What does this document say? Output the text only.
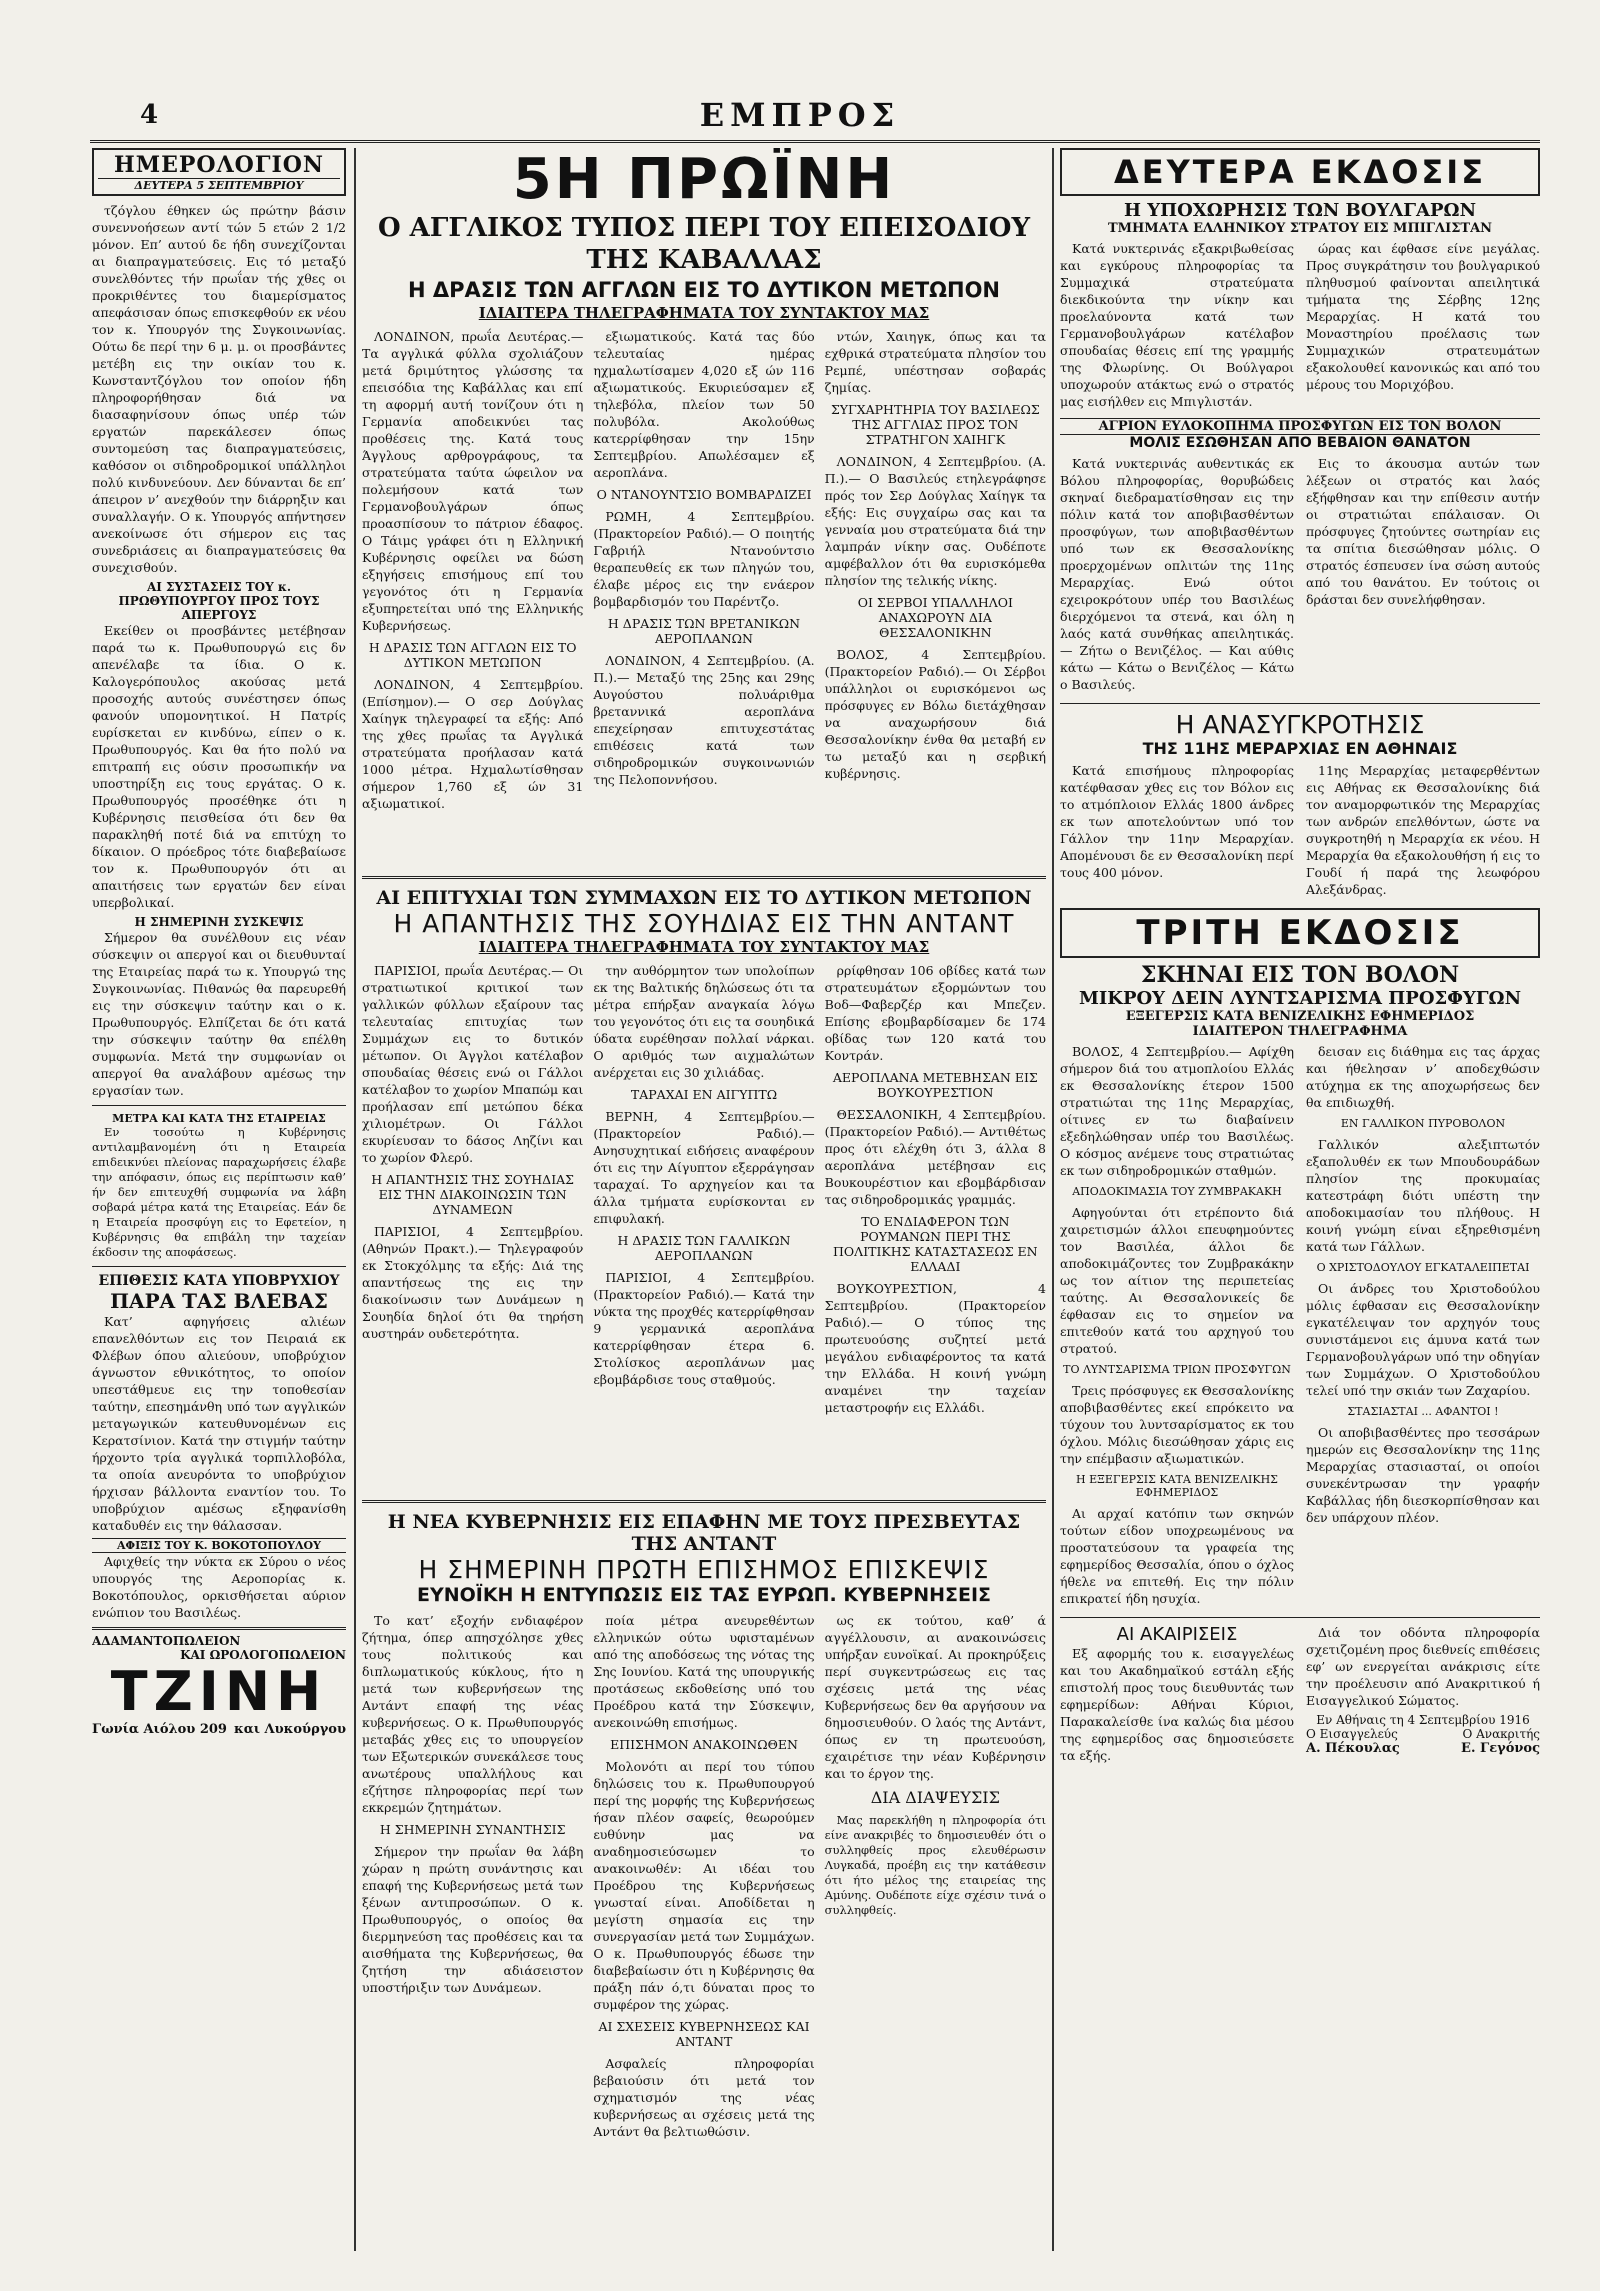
4	ΕΜΠΡΟΣ
ΗΜΕΡΟΛΟΓΙΟΝ
ΔΕΥΤΕΡΑ 5 ΣΕΠΤΕΜΒΡΙΟΥ

τζόγλου έθηκεν ώς πρώτην βάσιν συνεννοήσεων αντί τών 5 ετών 2 1/2 μόνον. Επ’ αυτού δε ήδη συνεχίζονται αι διαπραγματεύσεις. Εις τό μεταξύ συνελθόντες τήν πρωΐαν τής χθες οι προκριθέντες του διαμερίσματος απεφάσισαν όπως επισκεφθούν εκ νέου τον κ. Υπουργόν της Συγκοινωνίας. Ούτω δε περί την 6 μ. μ. οι προσβάντες μετέβη εις την οικίαν του κ. Κωνσταντζόγλου τον οποίον ήδη πληροφορήθησαν διά να διασαφηνίσουν όπως υπέρ τών εργατών παρεκάλεσεν όπως συντομεύση τας διαπραγματεύσεις, καθόσον οι σιδηροδρομικοί υπάλληλοι πολύ κινδυνεύουν. Δεν δύνανται δε επ’ άπειρον ν’ ανεχθούν την διάρρηξιν και συναλλαγήν. Ο κ. Υπουργός απήντησεν ανεκοίνωσε ότι σήμερον εις τας συνεδριάσεις αι διαπραγματεύσεις θα συνεχισθούν.

ΑΙ ΣΥΣΤΑΣΕΙΣ ΤΟΥ κ. ΠΡΩΘΥΠΟΥΡΓΟΥ ΠΡΟΣ ΤΟΥΣ ΑΠΕΡΓΟΥΣ

Εκείθεν οι προσβάντες μετέβησαν παρά τω κ. Πρωθυπουργώ εις δν απενέλαβε τα ίδια. Ο κ. Καλογερόπουλος ακούσας μετά προσοχής αυτούς συνέστησεν όπως φανούν υπομονητικοί. Η Πατρίς ευρίσκεται εν κινδύνω, είπεν ο κ. Πρωθυπουργός. Και θα ήτο πολύ να επιτραπή εις ούσιν προσωπικήν να υποστηρίξη εις τους εργάτας. Ο κ. Πρωθυπουργός προσέθηκε ότι η Κυβέρνησις πεισθείσα ότι δεν θα παρακληθή ποτέ διά να επιτύχη το δίκαιον. Ο πρόεδρος τότε διαβεβαίωσε τον κ. Πρωθυπουργόν ότι αι απαιτήσεις των εργατών δεν είναι υπερβολικαί.

Η ΣΗΜΕΡΙΝΗ ΣΥΣΚΕΨΙΣ

Σήμερον θα συνέλθουν εις νέαν σύσκεψιν οι απεργοί και οι διευθυνταί της Εταιρείας παρά τω κ. Υπουργώ της Συγκοινωνίας. Πιθανώς θα παρευρεθή εις την σύσκεψιν ταύτην και ο κ. Πρωθυπουργός. Ελπίζεται δε ότι κατά την σύσκεψιν ταύτην θα επέλθη συμφωνία. Μετά την συμφωνίαν οι απεργοί θα αναλάβουν αμέσως την εργασίαν των.

ΜΕΤΡΑ ΚΑΙ ΚΑΤΑ ΤΗΣ ΕΤΑΙΡΕΙΑΣ

Εν τοσούτω η Κυβέρνησις αντιλαμβανομένη ότι η Εταιρεία επιδεικνύει πλείονας παραχωρήσεις έλαβε την απόφασιν, όπως εις περίπτωσιν καθ’ ήν δεν επιτευχθή συμφωνία να λάβη σοβαρά μέτρα κατά της Εταιρείας. Εάν δε η Εταιρεία προσφύγη εις το Εφετείον, η Κυβέρνησις θα επιβάλη την ταχείαν έκδοσιν της αποφάσεως.

ΕΠΙΘΕΣΙΣ ΚΑΤΑ ΥΠΟΒΡΥΧΙΟΥ
ΠΑΡΑ ΤΑΣ ΒΛΕΒΑΣ

Κατ’ αφηγήσεις αλιέων επανελθόντων εις τον Πειραιά εκ Φλέβων όπου αλιεύουν, υποβρύχιον άγνωστον εθνικότητος, το οποίον υπεστάθμευε εις την τοποθεσίαν ταύτην, επεσημάνθη υπό των αγγλικών μεταγωγικών κατευθυνομένων εις Κερατσίνιον. Κατά την στιγμήν ταύτην ήρχοντο τρία αγγλικά τορπιλλοβόλα, τα οποία ανευρόντα το υποβρύχιον ήρχισαν βάλλοντα εναντίον του. Το υποβρύχιον αμέσως εξηφανίσθη καταδυθέν εις την θάλασσαν.

ΑΦΙΞΙΣ ΤΟΥ Κ. ΒΟΚΟΤΟΠΟΥΛΟΥ

Αφιχθείς την νύκτα εκ Σύρου ο νέος υπουργός της Αεροπορίας κ. Βοκοτόπουλος, ορκισθήσεται αύριον ενώπιον του Βασιλέως.

ΑΔΑΜΑΝΤΟΠΩΛΕΙΟΝ
ΚΑΙ ΩΡΟΛΟΓΟΠΩΛΕΙΟΝ
ΤΖΙΝΗ
Γωνία Αιόλου 209 και Λυκούργου
5Η ΠΡΩΪΝΗ
Ο ΑΓΓΛΙΚΟΣ ΤΥΠΟΣ ΠΕΡΙ ΤΟΥ ΕΠΕΙΣΟΔΙΟΥ ΤΗΣ ΚΑΒΑΛΛΑΣ
Η ΔΡΑΣΙΣ ΤΩΝ ΑΓΓΛΩΝ ΕΙΣ ΤΟ ΔΥΤΙΚΟΝ ΜΕΤΩΠΟΝ
ΙΔΙΑΙΤΕΡΑ ΤΗΛΕΓΡΑΦΗΜΑΤΑ ΤΟΥ ΣΥΝΤΑΚΤΟΥ ΜΑΣ

ΛΟΝΔΙΝΟΝ, πρωΐα Δευτέρας.— Τα αγγλικά φύλλα σχολιάζουν μετά δριμύτητος γλώσσης τα επεισόδια της Καβάλλας και επί τη αφορμή αυτή τονίζουν ότι η Γερμανία αποδεικνύει τας προθέσεις της. Κατά τους Άγγλους αρθρογράφους, τα στρατεύματα ταύτα ώφειλον να πολεμήσουν κατά των Γερμανοβουλγάρων όπως προασπίσουν το πάτριον έδαφος. Ο Τάιμς γράφει ότι η Ελληνική Κυβέρνησις οφείλει να δώση εξηγήσεις επισήμους επί του γεγονότος ότι η Γερμανία εξυπηρετείται υπό της Ελληνικής Κυβερνήσεως.

Η ΔΡΑΣΙΣ ΤΩΝ ΑΓΓΛΩΝ ΕΙΣ ΤΟ ΔΥΤΙΚΟΝ ΜΕΤΩΠΟΝ

ΛΟΝΔΙΝΟΝ, 4 Σεπτεμβρίου. (Επίσημον).— Ο σερ Δούγλας Χαίηγκ τηλεγραφεί τα εξής: Από της χθες πρωΐας τα Αγγλικά στρατεύματα προήλασαν κατά 1000 μέτρα. Ηχμαλωτίσθησαν σήμερον 1,760 εξ ών 31 αξιωματικοί.

εξιωματικούς. Κατά τας δύο τελευταίας ημέρας ηχμαλωτίσαμεν 4,020 εξ ών 116 αξιωματικούς. Εκυριεύσαμεν εξ τηλεβόλα, πλείον των 50 πολυβόλα. Ακολούθως κατερρίφθησαν την 15ην Σεπτεμβρίου. Απωλέσαμεν εξ αεροπλάνα.

Ο ΝΤΑΝΟΥΝΤΣΙΟ ΒΟΜΒΑΡΔΙΖΕΙ

ΡΩΜΗ, 4 Σεπτεμβρίου. (Πρακτορείον Ραδιό).— Ο ποιητής Γαβριήλ Ντανούντσιο θεραπευθείς εκ των πληγών του, έλαβε μέρος εις την ενάερον βομβαρδισμόν του Παρέντζο.

Η ΔΡΑΣΙΣ ΤΩΝ ΒΡΕΤΑΝΙΚΩΝ ΑΕΡΟΠΛΑΝΩΝ

ΛΟΝΔΙΝΟΝ, 4 Σεπτεμβρίου. (Α. Π.).— Μεταξύ της 25ης και 29ης Αυγούστου πολυάριθμα βρεταννικά αεροπλάνα επεχείρησαν επιτυχεστάτας επιθέσεις κατά των σιδηροδρομικών συγκοινωνιών της Πελοποννήσου.

ντών, Χαιηγκ, όπως και τα εχθρικά στρατεύματα πλησίον του Ρεμπέ, υπέστησαν σοβαράς ζημίας.

ΣΥΓΧΑΡΗΤΗΡΙΑ ΤΟΥ ΒΑΣΙΛΕΩΣ ΤΗΣ ΑΓΓΛΙΑΣ ΠΡΟΣ ΤΟΝ ΣΤΡΑΤΗΓΟΝ ΧΑΙΗΓΚ

ΛΟΝΔΙΝΟΝ, 4 Σεπτεμβρίου. (Α. Π.).— Ο Βασιλεύς ετηλεγράφησε πρός τον Σερ Δούγλας Χαίηγκ τα εξής: Εις συγχαίρω σας και τα γενναία μου στρατεύματα διά την λαμπράν νίκην σας. Ουδέποτε αμφέβαλλον ότι θα ευρισκόμεθα πλησίον της τελικής νίκης.

ΟΙ ΣΕΡΒΟΙ ΥΠΑΛΛΗΛΟΙ ΑΝΑΧΩΡΟΥΝ ΔΙΑ ΘΕΣΣΑΛΟΝΙΚΗΝ

ΒΟΛΟΣ, 4 Σεπτεμβρίου. (Πρακτορείον Ραδιό).— Οι Σέρβοι υπάλληλοι οι ευρισκόμενοι ως πρόσφυγες εν Βόλω διετάχθησαν να αναχωρήσουν διά Θεσσαλονίκην ένθα θα μεταβή εν τω μεταξύ και η σερβική κυβέρνησις.

ΑΙ ΕΠΙΤΥΧΙΑΙ ΤΩΝ ΣΥΜΜΑΧΩΝ ΕΙΣ ΤΟ ΔΥΤΙΚΟΝ ΜΕΤΩΠΟΝ
Η ΑΠΑΝΤΗΣΙΣ ΤΗΣ ΣΟΥΗΔΙΑΣ ΕΙΣ ΤΗΝ ΑΝΤΑΝΤ
ΙΔΙΑΙΤΕΡΑ ΤΗΛΕΓΡΑΦΗΜΑΤΑ ΤΟΥ ΣΥΝΤΑΚΤΟΥ ΜΑΣ

ΠΑΡΙΣΙΟΙ, πρωΐα Δευτέρας.— Οι στρατιωτικοί κριτικοί των γαλλικών φύλλων εξαίρουν τας τελευταίας επιτυχίας των Συμμάχων εις το δυτικόν μέτωπον. Οι Άγγλοι κατέλαβον σπουδαίας θέσεις ενώ οι Γάλλοι κατέλαβον το χωρίον Μπαπώμ και προήλασαν επί μετώπου δέκα χιλιομέτρων. Οι Γάλλοι εκυρίευσαν το δάσος Ληζίνι και το χωρίον Φλερύ.

Η ΑΠΑΝΤΗΣΙΣ ΤΗΣ ΣΟΥΗΔΙΑΣ ΕΙΣ ΤΗΝ ΔΙΑΚΟΙΝΩΣΙΝ ΤΩΝ ΔΥΝΑΜΕΩΝ

ΠΑΡΙΣΙΟΙ, 4 Σεπτεμβρίου. (Αθηνών Πρακτ.).— Τηλεγραφούν εκ Στοκχόλμης τα εξής: Διά της απαντήσεως της εις την διακοίνωσιν των Δυνάμεων η Σουηδία δηλοί ότι θα τηρήση αυστηράν ουδετερότητα.

την αυθόρμητον των υπολοίπων εκ της Βαλτικής δηλώσεως ότι τα μέτρα επήρξαν αναγκαία λόγω του γεγονότος ότι εις τα σουηδικά ύδατα ευρέθησαν πολλαί νάρκαι. Ο αριθμός των αιχμαλώτων ανέρχεται εις 30 χιλιάδας.

ΤΑΡΑΧΑΙ ΕΝ ΑΙΓΥΠΤΩ

ΒΕΡΝΗ, 4 Σεπτεμβρίου.— (Πρακτορείον Ραδιό).— Ανησυχητικαί ειδήσεις αναφέρουν ότι εις την Αίγυπτον εξερράγησαν ταραχαί. Το αρχηγείον και τα άλλα τμήματα ευρίσκονται εν επιφυλακή.

Η ΔΡΑΣΙΣ ΤΩΝ ΓΑΛΛΙΚΩΝ ΑΕΡΟΠΛΑΝΩΝ

ΠΑΡΙΣΙΟΙ, 4 Σεπτεμβρίου. (Πρακτορείον Ραδιό).— Κατά την νύκτα της προχθές κατερρίφθησαν 9 γερμανικά αεροπλάνα κατερρίφθησαν έτερα 6. Στολίσκος αεροπλάνων μας εβομβάρδισε τους σταθμούς.

ρρίφθησαν 106 οβίδες κατά των στρατευμάτων εξορμώντων του Βοδ—Φαβερζέρ και Μπεζεν. Επίσης εβομβαρδίσαμεν δε 174 οβίδας των 120 κατά του Κοντράν.

ΑΕΡΟΠΛΑΝΑ ΜΕΤΕΒΗΣΑΝ ΕΙΣ ΒΟΥΚΟΥΡΕΣΤΙΟΝ

ΘΕΣΣΑΛΟΝΙΚΗ, 4 Σεπτεμβρίου. (Πρακτορείον Ραδιό).— Αντιθέτως προς ότι ελέχθη ότι 3, άλλα 8 αεροπλάνα μετέβησαν εις Βουκουρέστιον και εβομβάρδισαν τας σιδηροδρομικάς γραμμάς.

ΤΟ ΕΝΔΙΑΦΕΡΟΝ ΤΩΝ ΡΟΥΜΑΝΩΝ ΠΕΡΙ ΤΗΣ ΠΟΛΙΤΙΚΗΣ ΚΑΤΑΣΤΑΣΕΩΣ ΕΝ ΕΛΛΑΔΙ

ΒΟΥΚΟΥΡΕΣΤΙΟΝ, 4 Σεπτεμβρίου. (Πρακτορείον Ραδιό).— Ο τύπος της πρωτευούσης συζητεί μετά μεγάλου ενδιαφέροντος τα κατά την Ελλάδα. Η κοινή γνώμη αναμένει την ταχείαν μεταστροφήν εις Ελλάδι.

Η ΝΕΑ ΚΥΒΕΡΝΗΣΙΣ ΕΙΣ ΕΠΑΦΗΝ ΜΕ ΤΟΥΣ ΠΡΕΣΒΕΥΤΑΣ ΤΗΣ ΑΝΤΑΝΤ
Η ΣΗΜΕΡΙΝΗ ΠΡΩΤΗ ΕΠΙΣΗΜΟΣ ΕΠΙΣΚΕΨΙΣ
ΕΥΝΟΪΚΗ Η ΕΝΤΥΠΩΣΙΣ ΕΙΣ ΤΑΣ ΕΥΡΩΠ. ΚΥΒΕΡΝΗΣΕΙΣ

Το κατ’ εξοχήν ενδιαφέρον ζήτημα, όπερ απησχόλησε χθες τους πολιτικούς και διπλωματικούς κύκλους, ήτο η μετά των κυβερνήσεων της Αντάντ επαφή της νέας κυβερνήσεως. Ο κ. Πρωθυπουργός μεταβάς χθες εις το υπουργείον των Εξωτερικών συνεκάλεσε τους ανωτέρους υπαλλήλους και εζήτησε πληροφορίας περί των εκκρεμών ζητημάτων.

Η ΣΗΜΕΡΙΝΗ ΣΥΝΑΝΤΗΣΙΣ

Σήμερον την πρωΐαν θα λάβη χώραν η πρώτη συνάντησις και επαφή της Κυβερνήσεως μετά των ξένων αντιπροσώπων. Ο κ. Πρωθυπουργός, ο οποίος θα διερμηνεύση τας προθέσεις και τα αισθήματα της Κυβερνήσεως, θα ζητήση την αδιάσειστον υποστήριξιν των Δυνάμεων.

ποία μέτρα ανευρεθέντων ελληνικών ούτω υφισταμένων από της αποδόσεως της νότας της Σης Ιουνίου. Κατά της υπουργικής προτάσεως εκδοθείσης υπό του Προέδρου κατά την Σύσκεψιν, ανεκοινώθη επισήμως.

ΕΠΙΣΗΜΟΝ ΑΝΑΚΟΙΝΩΘΕΝ

Μολονότι αι περί του τύπου δηλώσεις του κ. Πρωθυπουργού περί της μορφής της Κυβερνήσεως ήσαν πλέον σαφείς, θεωρούμεν ευθύνην μας να αναδημοσιεύσωμεν το ανακοινωθέν: Αι ιδέαι του Προέδρου της Κυβερνήσεως γνωσταί είναι. Αποδίδεται η μεγίστη σημασία εις την συνεργασίαν μετά των Συμμάχων. Ο κ. Πρωθυπουργός έδωσε την διαβεβαίωσιν ότι η Κυβέρνησις θα πράξη πάν ό,τι δύναται προς το συμφέρον της χώρας.

ΑΙ ΣΧΕΣΕΙΣ ΚΥΒΕΡΝΗΣΕΩΣ ΚΑΙ ΑΝΤΑΝΤ

Ασφαλείς πληροφορίαι βεβαιούσιν ότι μετά τον σχηματισμόν της νέας κυβερνήσεως αι σχέσεις μετά της Αντάντ θα βελτιωθώσιν.

ως εκ τούτου, καθ’ ά αγγέλλουσιν, αι ανακοινώσεις υπήρξαν ευνοϊκαί. Αι προκηρύξεις περί συγκεντρώσεως εις τας σχέσεις μετά της νέας Κυβερνήσεως δεν θα αργήσουν να δημοσιευθούν. Ο λαός της Αντάντ, όπως εν τη πρωτευούση, εχαιρέτισε την νέαν Κυβέρνησιν και το έργον της.

ΔΙΑ ΔΙΑΨΕΥΣΙΣ

Μας παρεκλήθη η πληροφορία ότι είνε ανακριβές το δημοσιευθέν ότι ο συλληφθείς προς ελευθέρωσιν Λυγκαδά, προέβη εις την κατάθεσιν ότι ήτο μέλος της εταιρείας της Αμύνης. Ουδέποτε είχε σχέσιν τινά ο συλληφθείς.

ΔΕΥΤΕΡΑ ΕΚΔΟΣΙΣ
Η ΥΠΟΧΩΡΗΣΙΣ ΤΩΝ ΒΟΥΛΓΑΡΩΝ
ΤΜΗΜΑΤΑ ΕΛΛΗΝΙΚΟΥ ΣΤΡΑΤΟΥ ΕΙΣ ΜΠΙΓΛΙΣΤΑΝ

Κατά νυκτερινάς εξακριβωθείσας και εγκύρους πληροφορίας τα Συμμαχικά στρατεύματα διεκδικούντα την νίκην και προελαύνοντα κατά των Γερμανοβουλγάρων κατέλαβον σπουδαίας θέσεις επί της γραμμής της Φλωρίνης. Οι Βούλγαροι υποχωρούν ατάκτως ενώ ο στρατός μας εισήλθεν εις Μπιγλιστάν.

ώρας και έφθασε είνε μεγάλας. Προς συγκράτησιν του βουλγαρικού πληθυσμού φαίνονται απειλητικά τμήματα της Σέρβης 12ης Μεραρχίας. Η κατά του Μοναστηρίου προέλασις των Συμμαχικών στρατευμάτων εξακολουθεί κανονικώς και από του μέρους του Μοριχόβου.

ΑΓΡΙΟΝ ΕΥΛΟΚΟΠΗΜΑ ΠΡΟΣΦΥΓΩΝ ΕΙΣ ΤΟΝ ΒΟΛΟΝ
ΜΟΛΙΣ ΕΣΩΘΗΣΑΝ ΑΠΟ ΒΕΒΑΙΟΝ ΘΑΝΑΤΟΝ

Κατά νυκτερινάς αυθεντικάς εκ Βόλου πληροφορίας, θορυβώδεις σκηναί διεδραματίσθησαν εις την πόλιν κατά τον αποβιβασθέντων προσφύγων, των αποβιβασθέντων υπό των εκ Θεσσαλονίκης προερχομένων οπλιτών της 11ης Μεραρχίας. Ενώ ούτοι εχειροκρότουν υπέρ του Βασιλέως διερχόμενοι τα στενά, και όλη η λαός κατά συνθήκας απειλητικάς. — Ζήτω ο Βενιζέλος. — Και αύθις κάτω — Κάτω ο Βενιζέλος — Κάτω ο Βασιλεύς.

Εις το άκουσμα αυτών των λέξεων οι στρατός και λαός εξήφθησαν και την επίθεσιν αυτήν οι στρατιώται επάλαισαν. Οι πρόσφυγες ζητούντες σωτηρίαν εις τα σπίτια διεσώθησαν μόλις. Ο στρατός έσπευσεν ίνα σώση αυτούς από του θανάτου. Εν τούτοις οι δράσται δεν συνελήφθησαν.

Η ΑΝΑΣΥΓΚΡΟΤΗΣΙΣ
ΤΗΣ 11ΗΣ ΜΕΡΑΡΧΙΑΣ ΕΝ ΑΘΗΝΑΙΣ

Κατά επισήμους πληροφορίας κατέφθασαν χθες εις τον Βόλον εις το ατμόπλοιον Ελλάς 1800 άνδρες εκ των αποτελούντων υπό τον Γάλλον την 11ην Μεραρχίαν. Απομένουσι δε εν Θεσσαλονίκη περί τους 400 μόνον.

11ης Μεραρχίας μεταφερθέντων εις Αθήνας εκ Θεσσαλονίκης διά τον αναμορφωτικόν της Μεραρχίας των ανδρών επελθόντων, ώστε να συγκροτηθή η Μεραρχία εκ νέου. Η Μεραρχία θα εξακολουθήση ή εις το Γουδί ή παρά της λεωφόρου Αλεξάνδρας.

ΤΡΙΤΗ ΕΚΔΟΣΙΣ
ΣΚΗΝΑΙ ΕΙΣ ΤΟΝ ΒΟΛΟΝ
ΜΙΚΡΟΥ ΔΕΙΝ ΛΥΝΤΣΑΡΙΣΜΑ ΠΡΟΣΦΥΓΩΝ
ΕΞΕΓΕΡΣΙΣ ΚΑΤΑ ΒΕΝΙΖΕΛΙΚΗΣ ΕΦΗΜΕΡΙΔΟΣ
ΙΔΙΑΙΤΕΡΟΝ ΤΗΛΕΓΡΑΦΗΜΑ

ΒΟΛΟΣ, 4 Σεπτεμβρίου.— Αφίχθη σήμερον διά του ατμοπλοίου Ελλάς εκ Θεσσαλονίκης έτερον 1500 στρατιώται της 11ης Μεραρχίας, οίτινες εν τω διαβαίνειν εξεδηλώθησαν υπέρ του Βασιλέως. Ο κόσμος ανέμενε τους στρατιώτας εκ των σιδηροδρομικών σταθμών.

ΑΠΟΔΟΚΙΜΑΣΙΑ ΤΟΥ ΖΥΜΒΡΑΚΑΚΗ

Αφηγούνται ότι ετρέποντο διά χαιρετισμών άλλοι επευφημούντες τον Βασιλέα, άλλοι δε αποδοκιμάζοντες τον Ζυμβρακάκην ως τον αίτιον της περιπετείας ταύτης. Αι Θεσσαλονικείς δε έφθασαν εις το σημείον να επιτεθούν κατά του αρχηγού του στρατού.

ΤΟ ΛΥΝΤΣΑΡΙΣΜΑ ΤΡΙΩΝ ΠΡΟΣΦΥΓΩΝ

Τρεις πρόσφυγες εκ Θεσσαλονίκης αποβιβασθέντες εκεί επρόκειτο να τύχουν του λυντσαρίσματος εκ του όχλου. Μόλις διεσώθησαν χάρις εις την επέμβασιν αξιωματικών.

Η ΕΞΕΓΕΡΣΙΣ ΚΑΤΑ ΒΕΝΙΖΕΛΙΚΗΣ ΕΦΗΜΕΡΙΔΟΣ

Αι αρχαί κατόπιν των σκηνών τούτων είδον υποχρεωμένους να προστατεύσουν τα γραφεία της εφημερίδος Θεσσαλία, όπου ο όχλος ήθελε να επιτεθή. Εις την πόλιν επικρατεί ήδη ησυχία.

δεισαν εις διάθημα εις τας άρχας και ήθελησαν ν’ αποδεχθώσιν ατύχημα εκ της αποχωρήσεως δεν θα επιδιωχθή.

ΕΝ ΓΑΛΛΙΚΟΝ ΠΥΡΟΒΟΛΟΝ

Γαλλικόν αλεξιπτωτόν εξαπολυθέν εκ των Μπουδουράδων πλησίον της προκυμαίας κατεστράφη διότι υπέστη την αποδοκιμασίαν του πλήθους. Η κοινή γνώμη είναι εξηρεθισμένη κατά των Γάλλων.

Ο ΧΡΙΣΤΟΔΟΥΛΟΥ ΕΓΚΑΤΑΛΕΙΠΕΤΑΙ

Οι άνδρες του Χριστοδούλου μόλις έφθασαν εις Θεσσαλονίκην εγκατέλειψαν τον αρχηγόν τους συνιστάμενοι εις άμυνα κατά των Γερμανοβουλγάρων υπό την οδηγίαν των Συμμάχων. Ο Χριστοδούλου τελεί υπό την σκιάν των Ζαχαρίου.

ΣΤΑΣΙΑΣΤΑΙ ... ΑΦΑΝΤΟΙ !

Οι αποβιβασθέντες προ τεσσάρων ημερών εις Θεσσαλονίκην της 11ης Μεραρχίας στασιασταί, οι οποίοι συνεκέντρωσαν την γραφήν Καβάλλας ήδη διεσκορπίσθησαν και δεν υπάρχουν πλέον.

ΑΙ ΑΚΑΙΡΙΣΕΙΣ

Εξ αφορμής του κ. εισαγγελέως και του Ακαδημαϊκού εστάλη εξής επιστολή προς τους διευθυντάς των εφημερίδων: Αθήναι Κύριοι, Παρακαλείσθε ίνα καλώς δια μέσου της εφημερίδος σας δημοσιεύσετε τα εξής.

Διά τον οδόντα πληροφορία σχετιζομένη προς διεθνείς επιθέσεις εφ’ ων ενεργείται ανάκρισις είτε την προέλευσιν από Ανακριτικού ή Εισαγγελικού Σώματος.

Εν Αθήναις τη 4 Σεπτεμβρίου 1916
Ο Εισαγγελεύς	Ο Ανακριτής
Α. Πέκουλας	Ε. Γεγόνος
